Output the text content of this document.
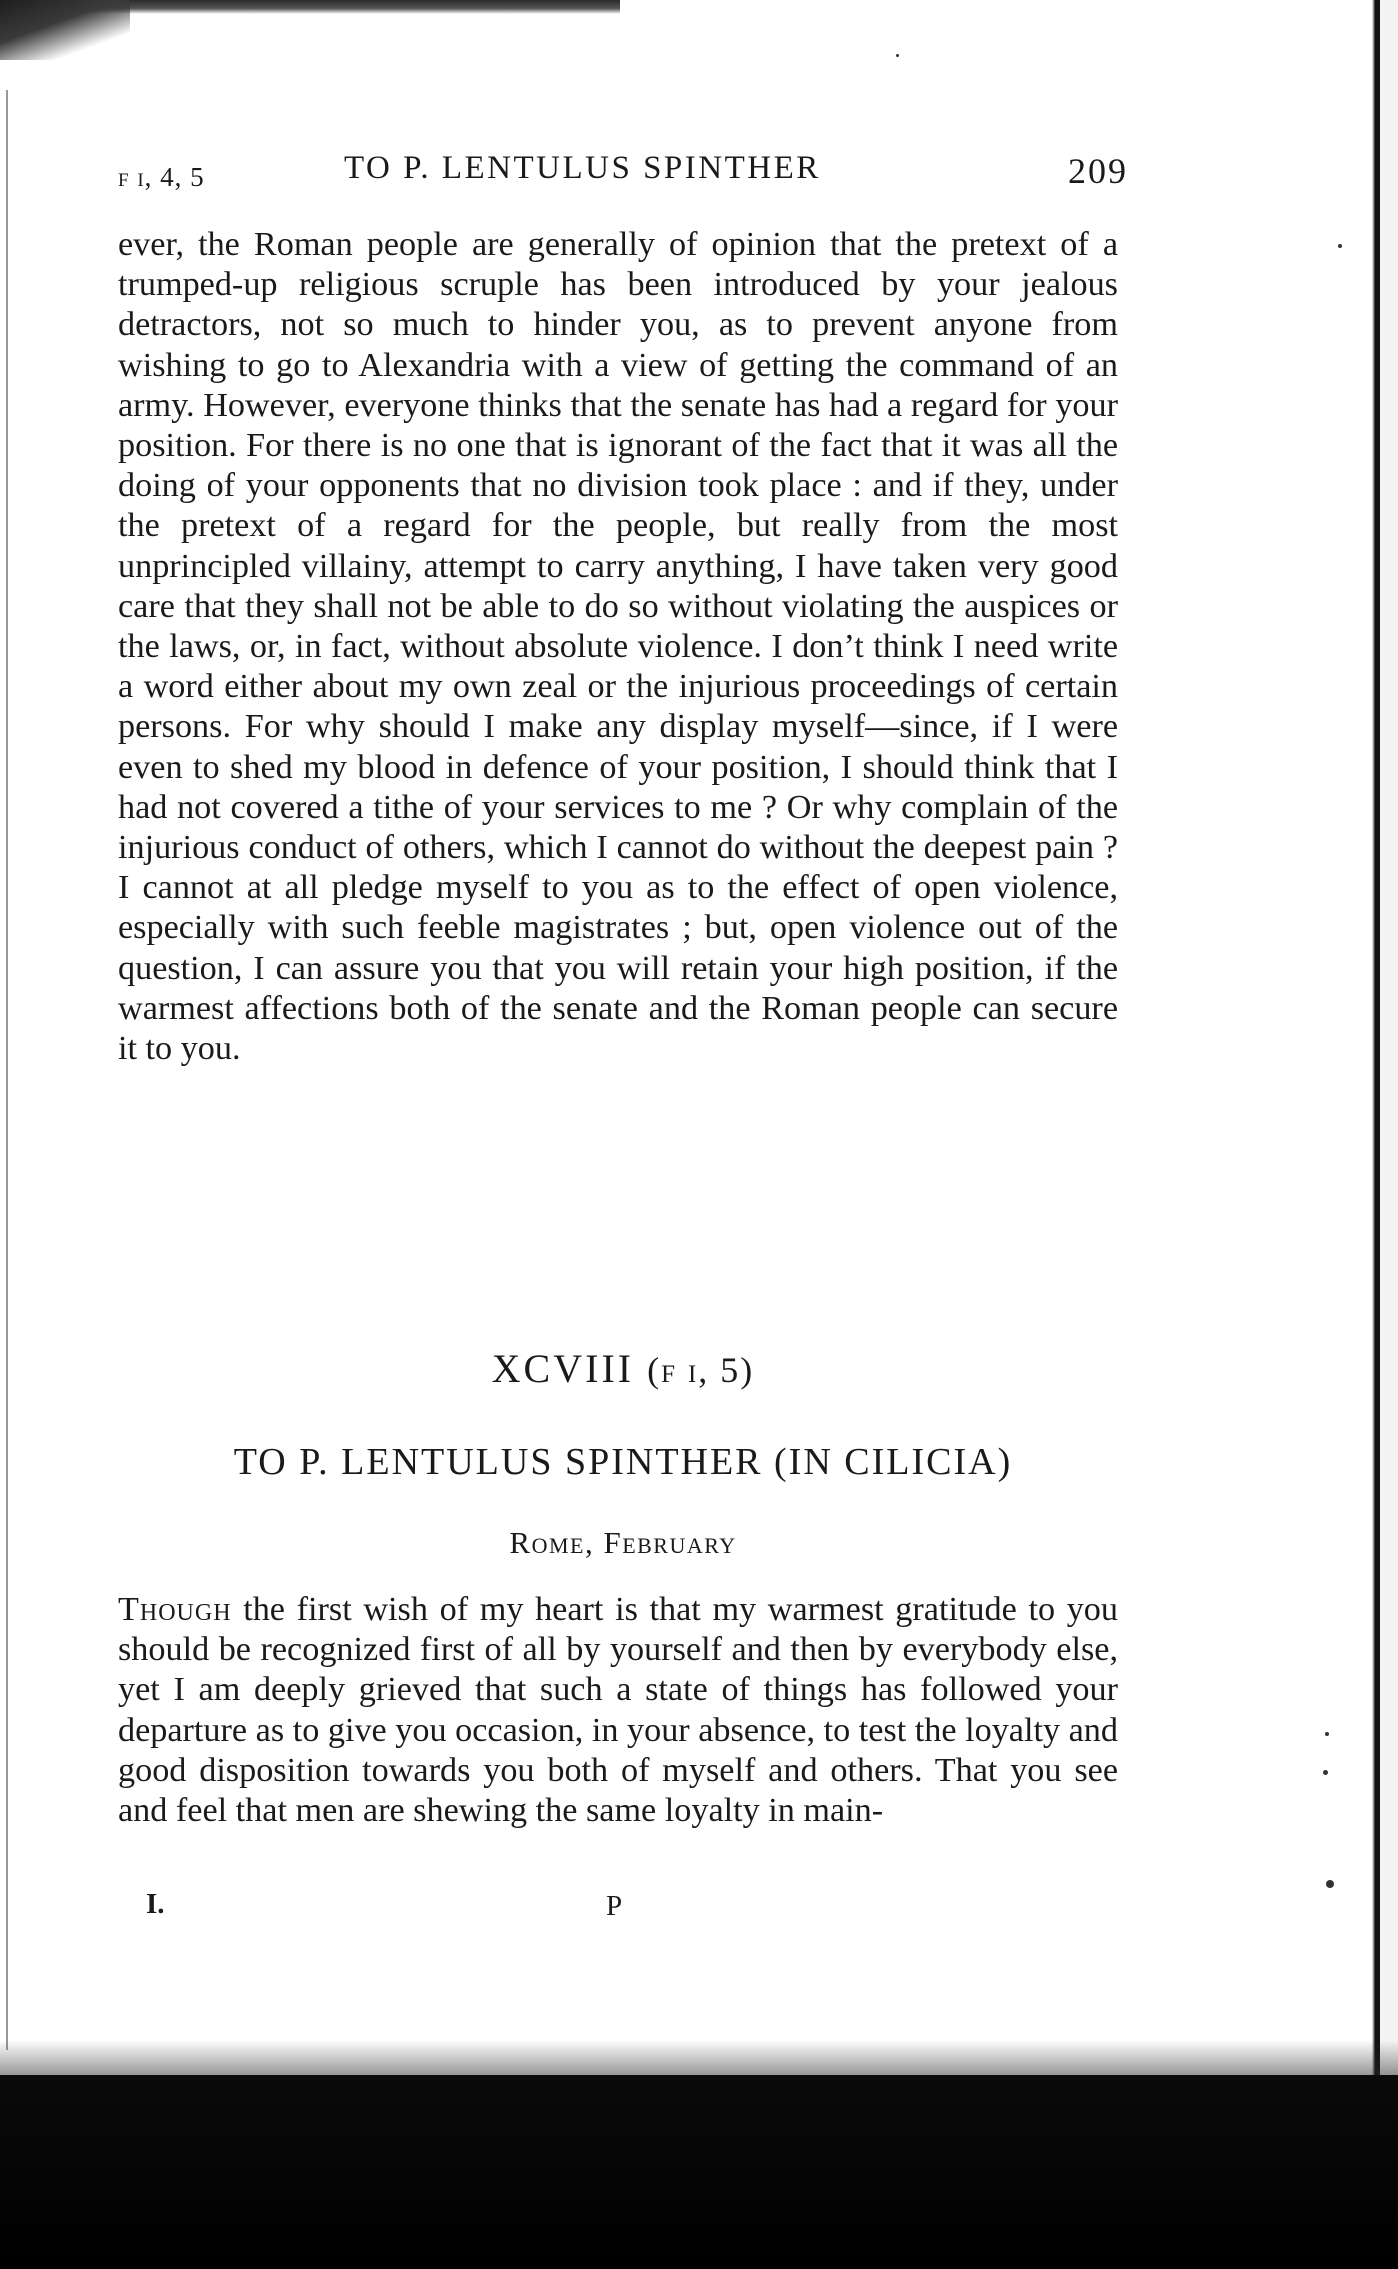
f i, 4, 5	TO P. LENTULUS SPINTHER	209

ever, the Roman people are generally of opinion that the pretext of a trumped-up religious scruple has been introduced by your jealous detractors, not so much to hinder you, as to prevent anyone from wishing to go to Alexandria with a view of getting the command of an army. However, everyone thinks that the senate has had a regard for your position. For there is no one that is ignorant of the fact that it was all the doing of your opponents that no division took place : and if they, under the pretext of a regard for the people, but really from the most unprincipled villainy, attempt to carry anything, I have taken very good care that they shall not be able to do so without violating the auspices or the laws, or, in fact, without absolute violence. I don’t think I need write a word either about my own zeal or the injurious proceedings of certain persons. For why should I make any display myself—since, if I were even to shed my blood in defence of your position, I should think that I had not covered a tithe of your services to me ? Or why complain of the injurious conduct of others, which I cannot do without the deepest pain ? I cannot at all pledge myself to you as to the effect of open violence, especially with such feeble magistrates ; but, open violence out of the question, I can assure you that you will retain your high position, if the warmest affections both of the senate and the Roman people can secure it to you.

XCVIII (f i, 5)
TO P. LENTULUS SPINTHER (IN CILICIA)
Rome, February

Though the first wish of my heart is that my warmest gratitude to you should be recognized first of all by yourself and then by everybody else, yet I am deeply grieved that such a state of things has followed your departure as to give you occasion, in your absence, to test the loyalty and good disposition towards you both of myself and others. That you see and feel that men are shewing the same loyalty in main-

I.	P
